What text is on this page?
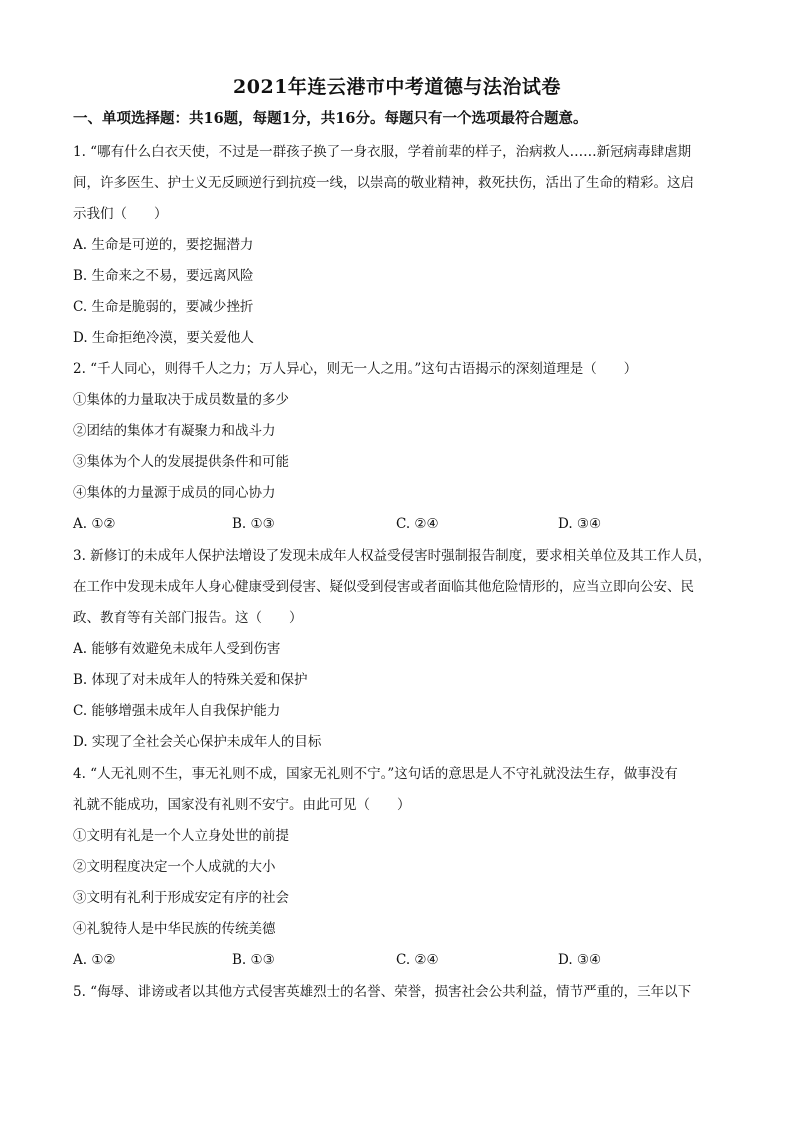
2021年连云港市中考道德与法治试卷
一、单项选择题：共16题，每题1分，共16分。每题只有一个选项最符合题意。
1. “哪有什么白衣天使，不过是一群孩子换了一身衣服，学着前辈的样子，治病救人……新冠病毒肆虐期
间，许多医生、护士义无反顾逆行到抗疫一线，以崇高的敬业精神，救死扶伤，活出了生命的精彩。这启
示我们（　　）
A. 生命是可逆的，要挖掘潜力
B. 生命来之不易，要远离风险
C. 生命是脆弱的，要减少挫折
D. 生命拒绝冷漠，要关爱他人
2. “千人同心，则得千人之力；万人异心，则无一人之用。”这句古语揭示的深刻道理是（　　）
①集体的力量取决于成员数量的多少
②团结的集体才有凝聚力和战斗力
③集体为个人的发展提供条件和可能
④集体的力量源于成员的同心协力
A. ①②	B. ①③	C. ②④	D. ③④
3. 新修订的未成年人保护法增设了发现未成年人权益受侵害时强制报告制度，要求相关单位及其工作人员，
在工作中发现未成年人身心健康受到侵害、疑似受到侵害或者面临其他危险情形的，应当立即向公安、民
政、教育等有关部门报告。这（　　）
A. 能够有效避免未成年人受到伤害
B. 体现了对未成年人的特殊关爱和保护
C. 能够增强未成年人自我保护能力
D. 实现了全社会关心保护未成年人的目标
4. “人无礼则不生，事无礼则不成，国家无礼则不宁。”这句话的意思是人不守礼就没法生存，做事没有
礼就不能成功，国家没有礼则不安宁。由此可见（　　）
①文明有礼是一个人立身处世的前提
②文明程度决定一个人成就的大小
③文明有礼利于形成安定有序的社会
④礼貌待人是中华民族的传统美德
A. ①②	B. ①③	C. ②④	D. ③④
5. “侮辱、诽谤或者以其他方式侵害英雄烈士的名誉、荣誉，损害社会公共利益，情节严重的，三年以下
